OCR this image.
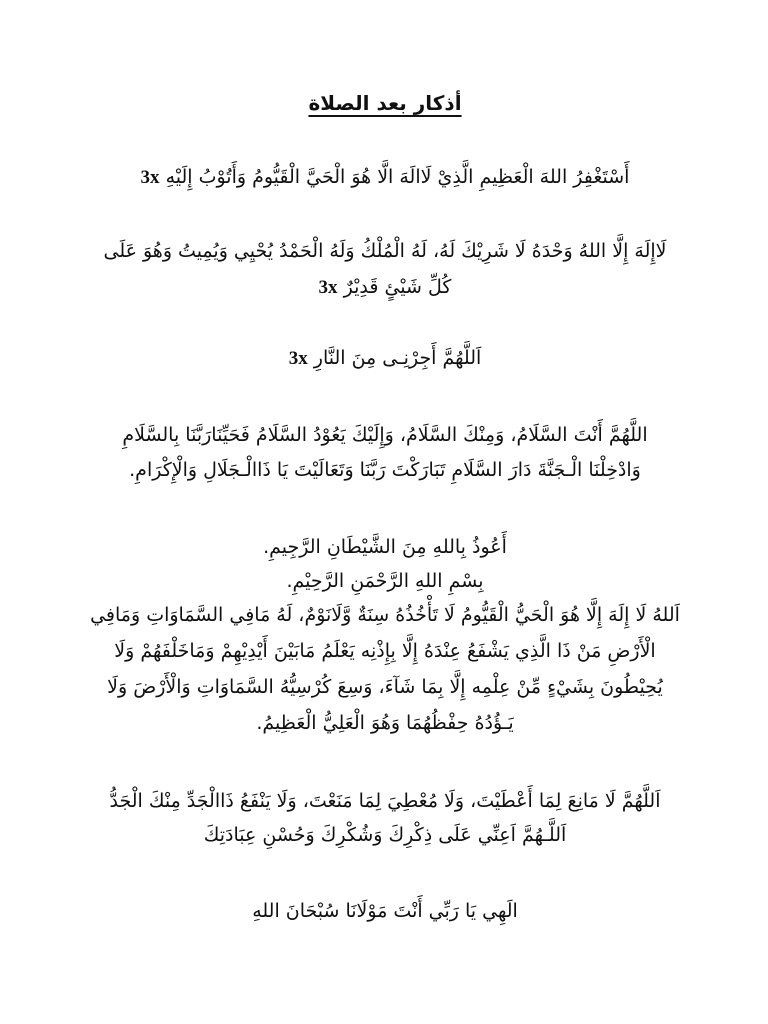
أذكار بعد الصلاة
أَسْتَغْفِرُ اللهَ الْعَظِيمِ الَّذِيْ لَاالَهَ الَّا هُوَ الْحَيَّ الْقَيُّومُ وَأَتُوْبُ إِلَيْهِ 3x
لَاإِلَهَ إِلَّا اللهُ وَحْدَهُ لَا شَرِيْكَ لَهُ، لَهُ الْمُلْكُ وَلَهُ الْحَمْدُ يُحْيِي وَيُمِيتُ وَهُوَ عَلَى
كُلِّ شَيْئٍ قَدِيْرٌ 3x
اَللَّهُمَّ أَجِرْنِـى مِنَ النَّارِ 3x
اللَّهُمَّ أَنْتَ السَّلَامُ، وَمِنْكَ السَّلَامُ، وَإِلَيْكَ يَعُوْدُ السَّلَامُ فَحَيِّنَارَبَّنَا بِالسَّلَامِ
وَادْخِلْنَا الْـجَنَّةَ دَارَ السَّلَامِ تَبَارَكْتَ رَبَّنَا وَتَعَالَيْتَ يَا ذَاالْـجَلَالِ وَالْإِكْرَامِ.
أَعُوذُ بِاللهِ مِنَ الشَّيْطَانِ الرَّجِيمِ.
بِسْمِ اللهِ الرَّحْمَنِ الرَّحِيْمِ.
اَللهُ لَا إِلَهَ إِلَّا هُوَ الْحَيُّ الْقَيُّومُ لَا تَأْخُذُهُ سِنَةٌ وَّلَانَوْمٌ، لَهُ مَافِي السَّمَاوَاتِ وَمَافِي
الْأَرْضِ مَنْ ذَا الَّذِي يَشْفَعُ عِنْدَهُ إِلَّا بِإِذْنِه يَعْلَمُ مَابَيْنَ أَيْدِيْهِمْ وَمَاخَلْفَهُمْ وَلَا
يُحِيْطُونَ بِشَيْءٍ مِّنْ عِلْمِه إِلَّا بِمَا شَآءَ، وَسِعَ كُرْسِيُّهُ السَّمَاوَاتِ وَالْأَرْضَ وَلَا
يَـؤُدُهُ حِفْظُهُمَا وَهُوَ الْعَلِيُّ الْعَظِيمُ.
اَللَّهُمَّ لَا مَانِعَ لِمَا أَعْطَيْتَ، وَلَا مُعْطِيَ لِمَا مَنَعْتَ، وَلَا يَنْفَعُ ذَاالْجَدِّ مِنْكَ الْجَدُّ
اَللَّـهُمَّ اَعِنِّي عَلَى ذِكْرِكَ وَشُكْرِكَ وَحُسْنِ عِبَادَتِكَ
الَهِي يَا رَبِّي أَنْتَ مَوْلَانَا سُبْحَانَ اللهِ
